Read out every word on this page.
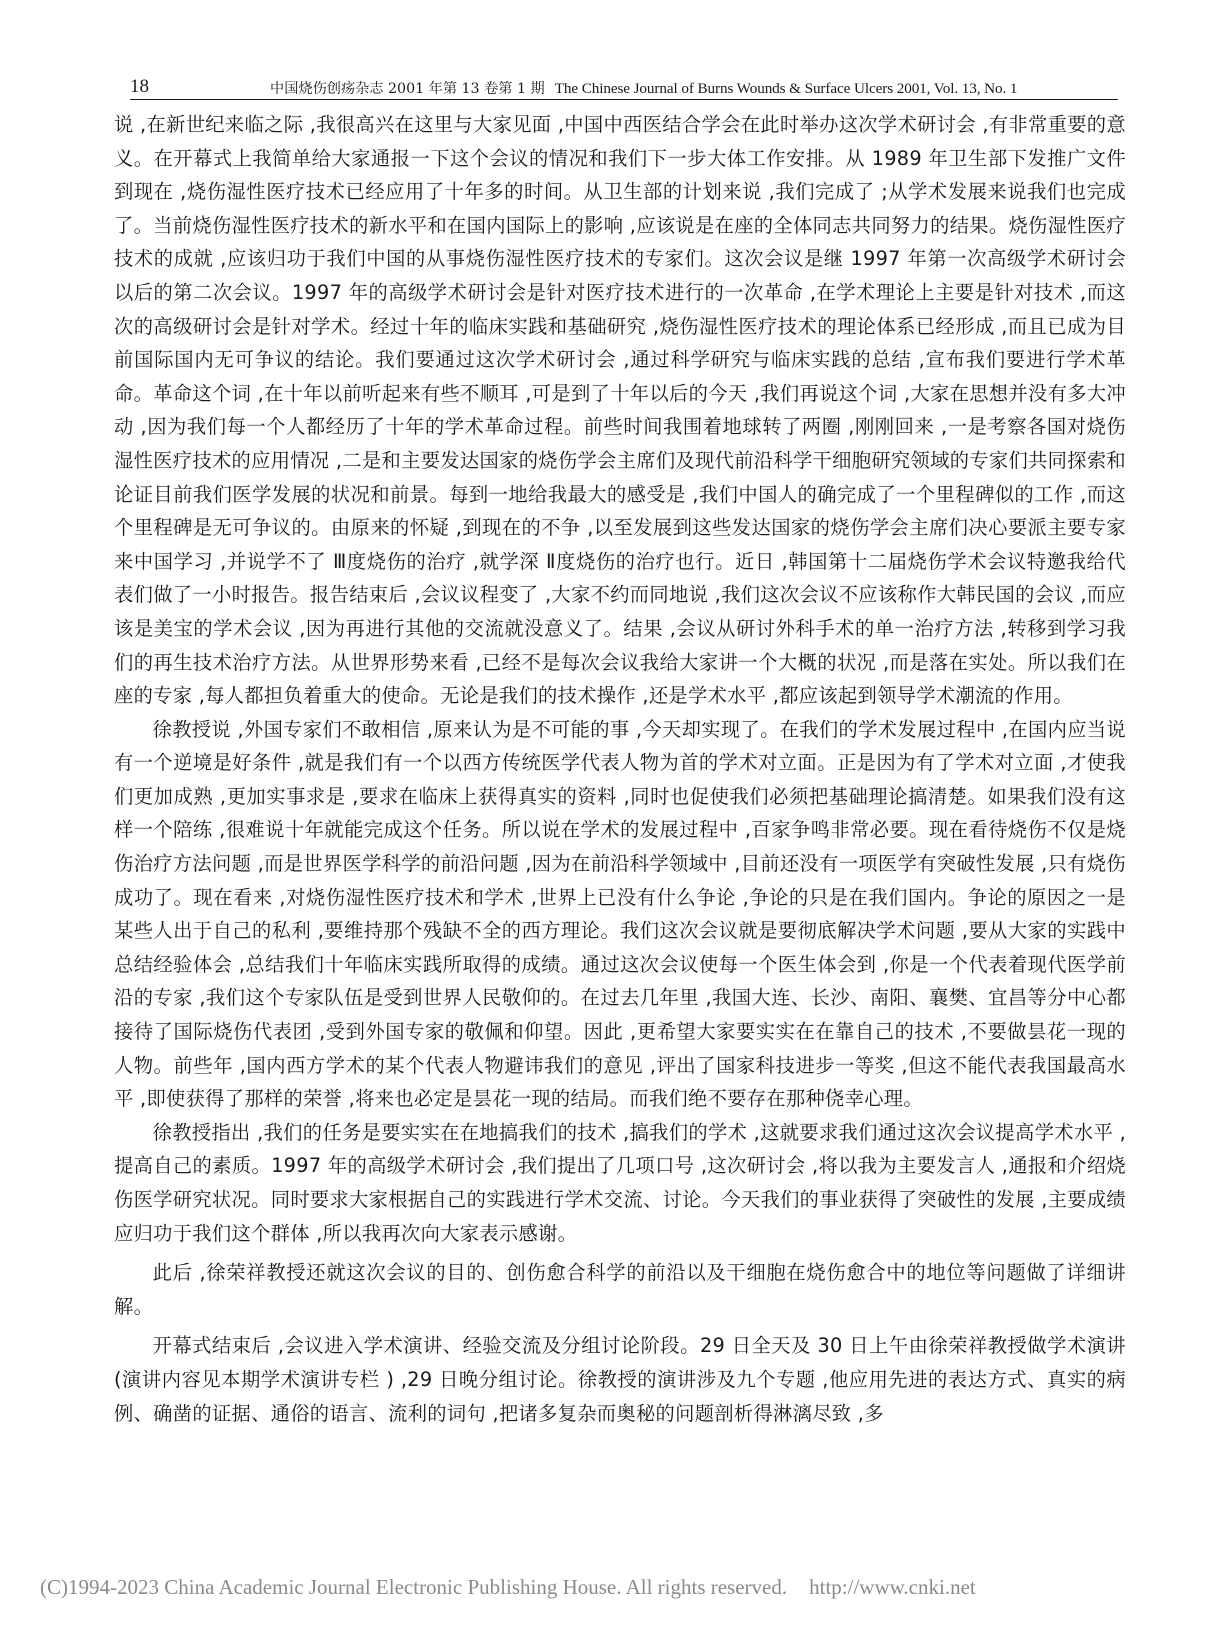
18	中国烧伤创疡杂志 2001 年第 13 卷第 1 期 The Chinese Journal of Burns Wounds & Surface Ulcers 2001, Vol. 13, No. 1

说 ,在新世纪来临之际 ,我很高兴在这里与大家见面 ,中国中西医结合学会在此时举办这次学术研讨会 ,有非常重要的意义。在开幕式上我简单给大家通报一下这个会议的情况和我们下一步大体工作安排。从 1989 年卫生部下发推广文件到现在 ,烧伤湿性医疗技术已经应用了十年多的时间。从卫生部的计划来说 ,我们完成了 ;从学术发展来说我们也完成了。当前烧伤湿性医疗技术的新水平和在国内国际上的影响 ,应该说是在座的全体同志共同努力的结果。烧伤湿性医疗技术的成就 ,应该归功于我们中国的从事烧伤湿性医疗技术的专家们。这次会议是继 1997 年第一次高级学术研讨会以后的第二次会议。1997 年的高级学术研讨会是针对医疗技术进行的一次革命 ,在学术理论上主要是针对技术 ,而这次的高级研讨会是针对学术。经过十年的临床实践和基础研究 ,烧伤湿性医疗技术的理论体系已经形成 ,而且已成为目前国际国内无可争议的结论。我们要通过这次学术研讨会 ,通过科学研究与临床实践的总结 ,宣布我们要进行学术革命。革命这个词 ,在十年以前听起来有些不顺耳 ,可是到了十年以后的今天 ,我们再说这个词 ,大家在思想并没有多大冲动 ,因为我们每一个人都经历了十年的学术革命过程。前些时间我围着地球转了两圈 ,刚刚回来 ,一是考察各国对烧伤湿性医疗技术的应用情况 ,二是和主要发达国家的烧伤学会主席们及现代前沿科学干细胞研究领域的专家们共同探索和论证目前我们医学发展的状况和前景。每到一地给我最大的感受是 ,我们中国人的确完成了一个里程碑似的工作 ,而这个里程碑是无可争议的。由原来的怀疑 ,到现在的不争 ,以至发展到这些发达国家的烧伤学会主席们决心要派主要专家来中国学习 ,并说学不了 Ⅲ度烧伤的治疗 ,就学深 Ⅱ度烧伤的治疗也行。近日 ,韩国第十二届烧伤学术会议特邀我给代表们做了一小时报告。报告结束后 ,会议议程变了 ,大家不约而同地说 ,我们这次会议不应该称作大韩民国的会议 ,而应该是美宝的学术会议 ,因为再进行其他的交流就没意义了。结果 ,会议从研讨外科手术的单一治疗方法 ,转移到学习我们的再生技术治疗方法。从世界形势来看 ,已经不是每次会议我给大家讲一个大概的状况 ,而是落在实处。所以我们在座的专家 ,每人都担负着重大的使命。无论是我们的技术操作 ,还是学术水平 ,都应该起到领导学术潮流的作用。

徐教授说 ,外国专家们不敢相信 ,原来认为是不可能的事 ,今天却实现了。在我们的学术发展过程中 ,在国内应当说有一个逆境是好条件 ,就是我们有一个以西方传统医学代表人物为首的学术对立面。正是因为有了学术对立面 ,才使我们更加成熟 ,更加实事求是 ,要求在临床上获得真实的资料 ,同时也促使我们必须把基础理论搞清楚。如果我们没有这样一个陪练 ,很难说十年就能完成这个任务。所以说在学术的发展过程中 ,百家争鸣非常必要。现在看待烧伤不仅是烧伤治疗方法问题 ,而是世界医学科学的前沿问题 ,因为在前沿科学领域中 ,目前还没有一项医学有突破性发展 ,只有烧伤成功了。现在看来 ,对烧伤湿性医疗技术和学术 ,世界上已没有什么争论 ,争论的只是在我们国内。争论的原因之一是某些人出于自己的私利 ,要维持那个残缺不全的西方理论。我们这次会议就是要彻底解决学术问题 ,要从大家的实践中总结经验体会 ,总结我们十年临床实践所取得的成绩。通过这次会议使每一个医生体会到 ,你是一个代表着现代医学前沿的专家 ,我们这个专家队伍是受到世界人民敬仰的。在过去几年里 ,我国大连、长沙、南阳、襄樊、宜昌等分中心都接待了国际烧伤代表团 ,受到外国专家的敬佩和仰望。因此 ,更希望大家要实实在在靠自己的技术 ,不要做昙花一现的人物。前些年 ,国内西方学术的某个代表人物避讳我们的意见 ,评出了国家科技进步一等奖 ,但这不能代表我国最高水平 ,即使获得了那样的荣誉 ,将来也必定是昙花一现的结局。而我们绝不要存在那种侥幸心理。

徐教授指出 ,我们的任务是要实实在在地搞我们的技术 ,搞我们的学术 ,这就要求我们通过这次会议提高学术水平 ,提高自己的素质。1997 年的高级学术研讨会 ,我们提出了几项口号 ,这次研讨会 ,将以我为主要发言人 ,通报和介绍烧伤医学研究状况。同时要求大家根据自己的实践进行学术交流、讨论。今天我们的事业获得了突破性的发展 ,主要成绩应归功于我们这个群体 ,所以我再次向大家表示感谢。

此后 ,徐荣祥教授还就这次会议的目的、创伤愈合科学的前沿以及干细胞在烧伤愈合中的地位等问题做了详细讲解。

开幕式结束后 ,会议进入学术演讲、经验交流及分组讨论阶段。29 日全天及 30 日上午由徐荣祥教授做学术演讲 (演讲内容见本期学术演讲专栏 ) ,29 日晚分组讨论。徐教授的演讲涉及九个专题 ,他应用先进的表达方式、真实的病例、确凿的证据、通俗的语言、流利的词句 ,把诸多复杂而奥秘的问题剖析得淋漓尽致 ,多

(C)1994-2023 China Academic Journal Electronic Publishing House. All rights reserved. http://www.cnki.net
